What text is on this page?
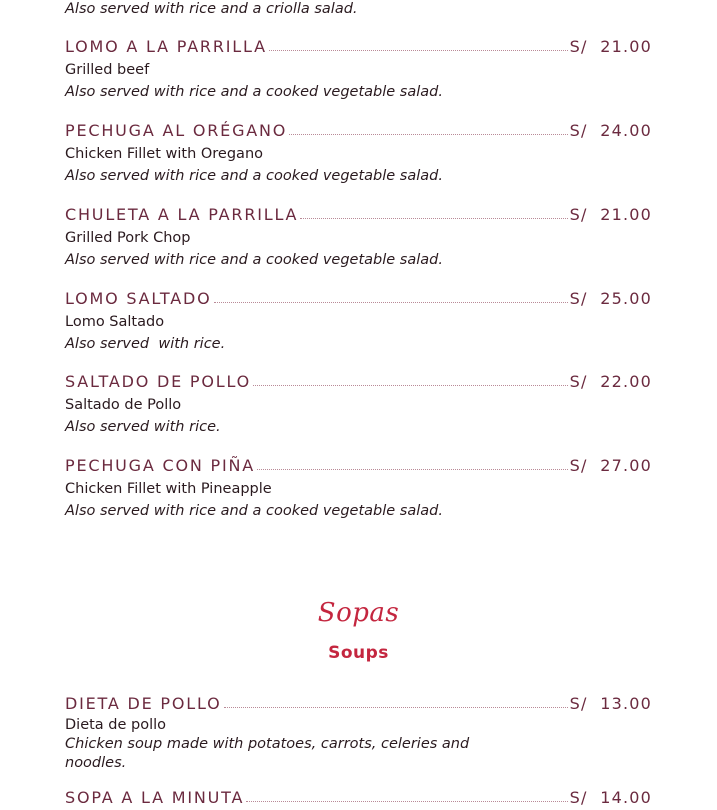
Also served with rice and a criolla salad.
LOMO A LA PARRILLA	S/  21.00
Grilled beef
Also served with rice and a cooked vegetable salad.
PECHUGA AL ORÉGANO	S/  24.00
Chicken Fillet with Oregano
Also served with rice and a cooked vegetable salad.
CHULETA A LA PARRILLA	S/  21.00
Grilled Pork Chop
Also served with rice and a cooked vegetable salad.
LOMO SALTADO	S/  25.00
Lomo Saltado
Also served  with rice.
SALTADO DE POLLO	S/  22.00
Saltado de Pollo
Also served with rice.
PECHUGA CON PIÑA	S/  27.00
Chicken Fillet with Pineapple
Also served with rice and a cooked vegetable salad.
Sopas
Soups
DIETA DE POLLO	S/  13.00
Dieta de pollo
Chicken soup made with potatoes, carrots, celeries and noodles.
SOPA A LA MINUTA	S/  14.00
